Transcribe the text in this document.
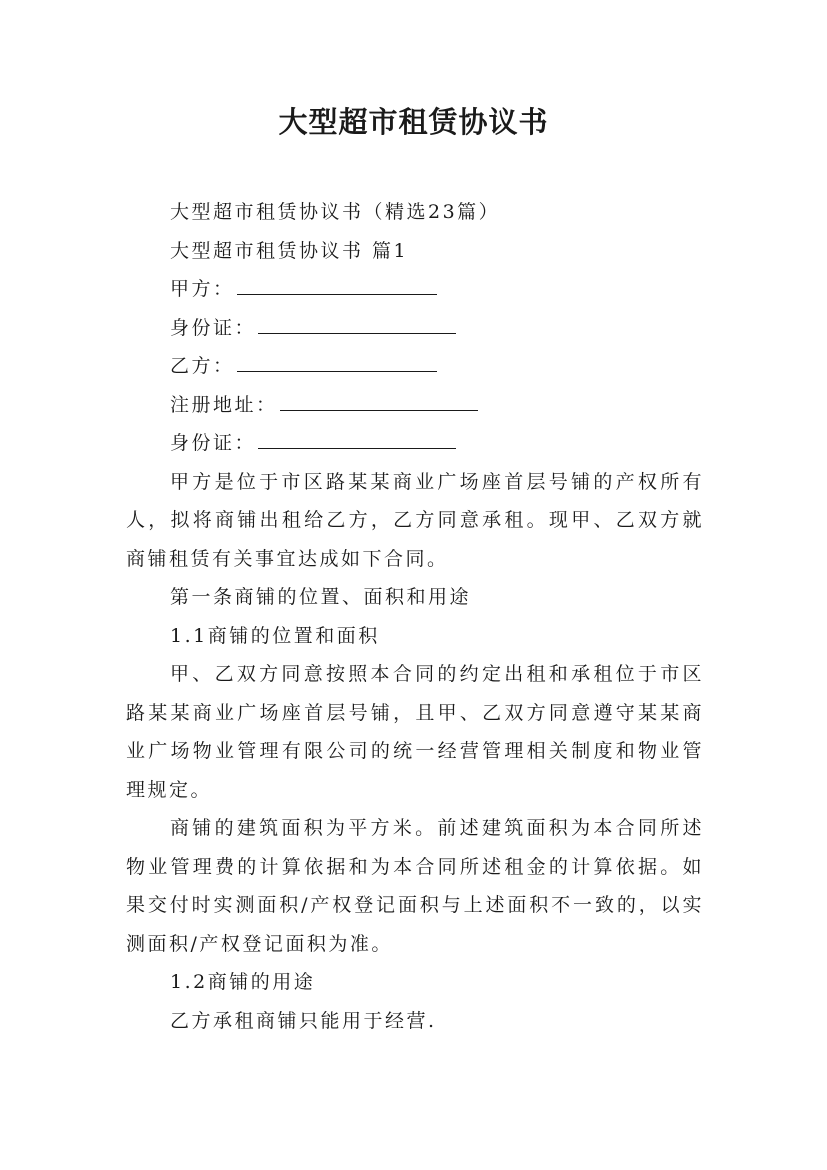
大型超市租赁协议书

大型超市租赁协议书（精选23篇）

大型超市租赁协议书 篇1

甲方：

身份证：

乙方：

注册地址：

身份证：

甲方是位于市区路某某商业广场座首层号铺的产权所有人，拟将商铺出租给乙方，乙方同意承租。现甲、乙双方就商铺租赁有关事宜达成如下合同。

第一条商铺的位置、面积和用途

1.1商铺的位置和面积

甲、乙双方同意按照本合同的约定出租和承租位于市区路某某商业广场座首层号铺，且甲、乙双方同意遵守某某商业广场物业管理有限公司的统一经营管理相关制度和物业管理规定。

商铺的建筑面积为平方米。前述建筑面积为本合同所述物业管理费的计算依据和为本合同所述租金的计算依据。如果交付时实测面积/产权登记面积与上述面积不一致的，以实测面积/产权登记面积为准。

1.2商铺的用途

乙方承租商铺只能用于经营.
